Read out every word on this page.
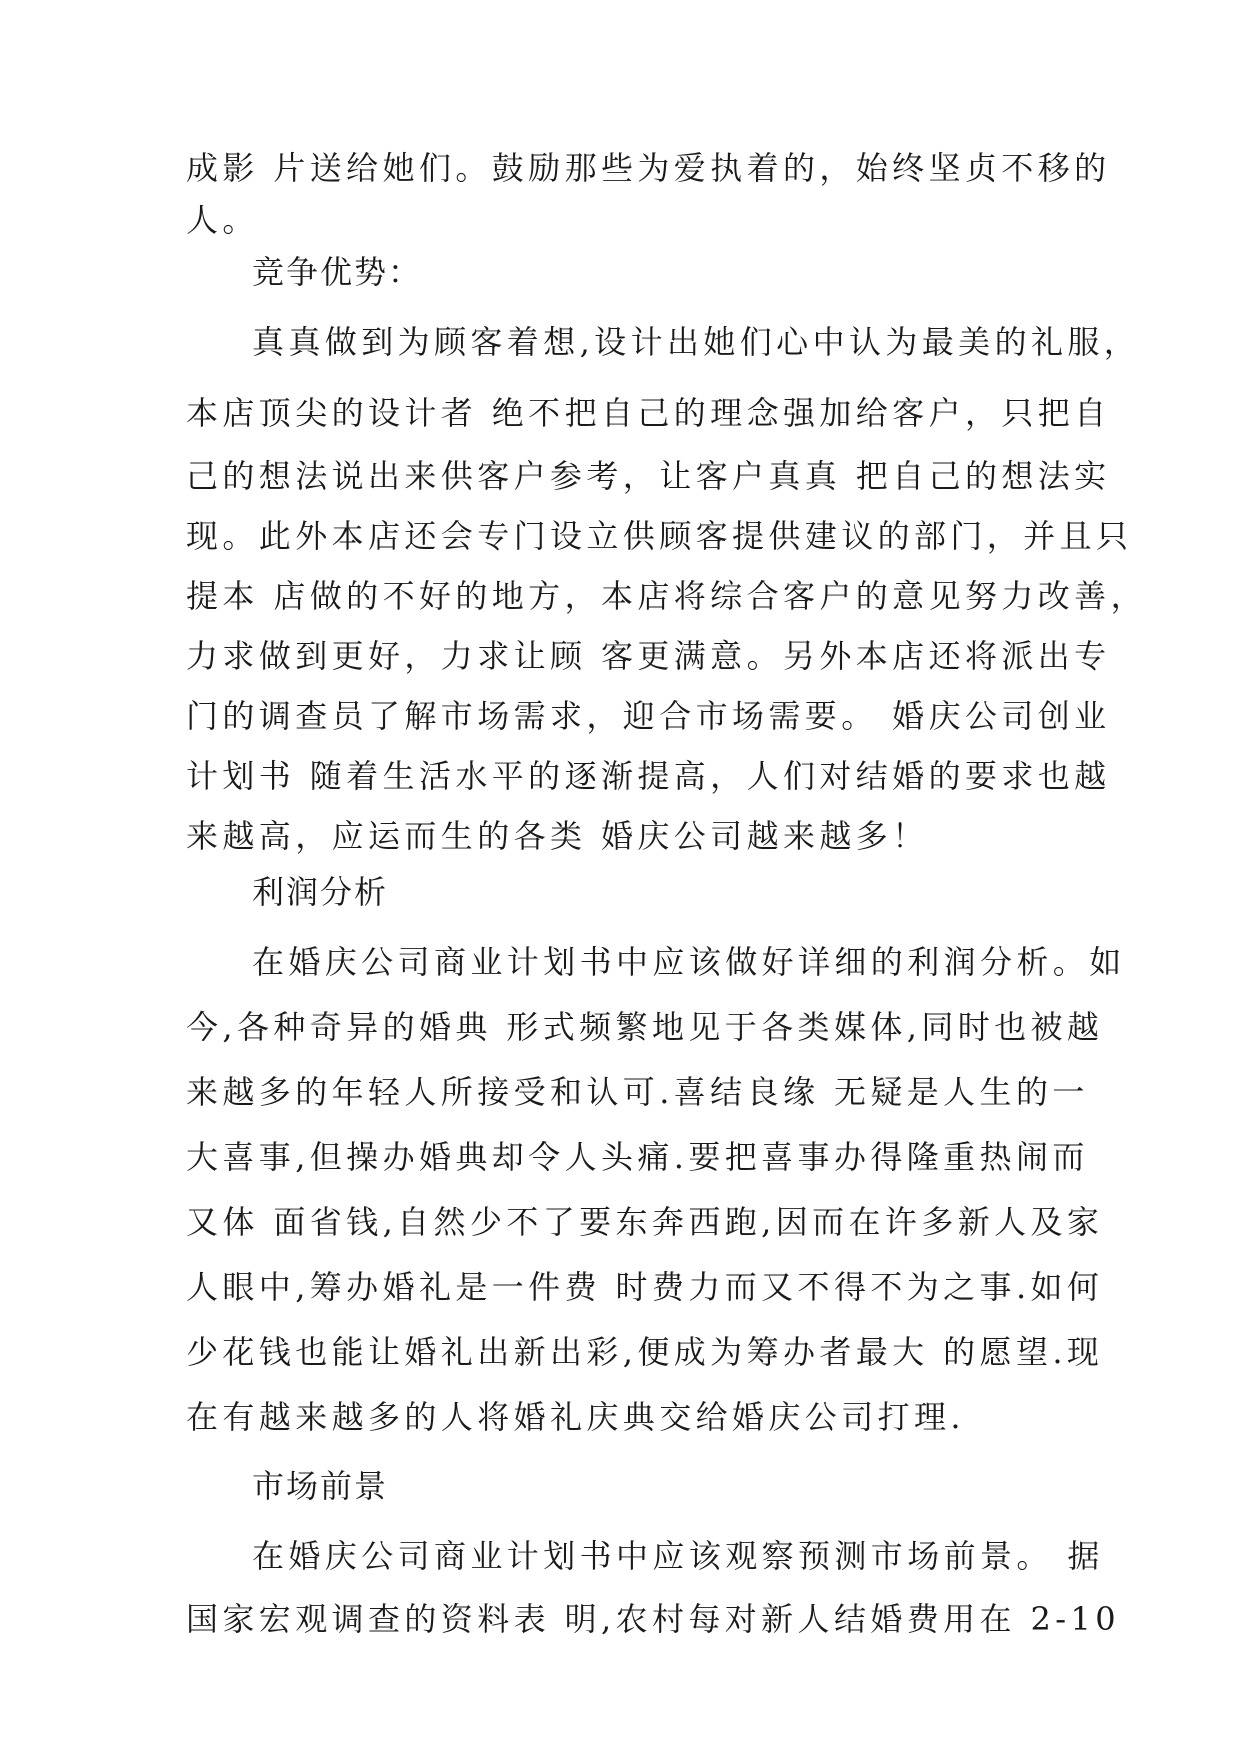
成影 片送给她们。鼓励那些为爱执着的，始终坚贞不移的
人。
竞争优势：
真真做到为顾客着想,设计出她们心中认为最美的礼服，
本店顶尖的设计者 绝不把自己的理念强加给客户，只把自
己的想法说出来供客户参考，让客户真真 把自己的想法实
现。此外本店还会专门设立供顾客提供建议的部门，并且只
提本 店做的不好的地方，本店将综合客户的意见努力改善，
力求做到更好，力求让顾 客更满意。另外本店还将派出专
门的调查员了解市场需求，迎合市场需要。 婚庆公司创业
计划书 随着生活水平的逐渐提高，人们对结婚的要求也越
来越高，应运而生的各类 婚庆公司越来越多！
利润分析
在婚庆公司商业计划书中应该做好详细的利润分析。如
今,各种奇异的婚典 形式频繁地见于各类媒体,同时也被越
来越多的年轻人所接受和认可.喜结良缘 无疑是人生的一
大喜事,但操办婚典却令人头痛.要把喜事办得隆重热闹而
又体 面省钱,自然少不了要东奔西跑,因而在许多新人及家
人眼中,筹办婚礼是一件费 时费力而又不得不为之事.如何
少花钱也能让婚礼出新出彩,便成为筹办者最大 的愿望.现
在有越来越多的人将婚礼庆典交给婚庆公司打理.
市场前景
在婚庆公司商业计划书中应该观察预测市场前景。 据
国家宏观调查的资料表 明,农村每对新人结婚费用在 2-10
